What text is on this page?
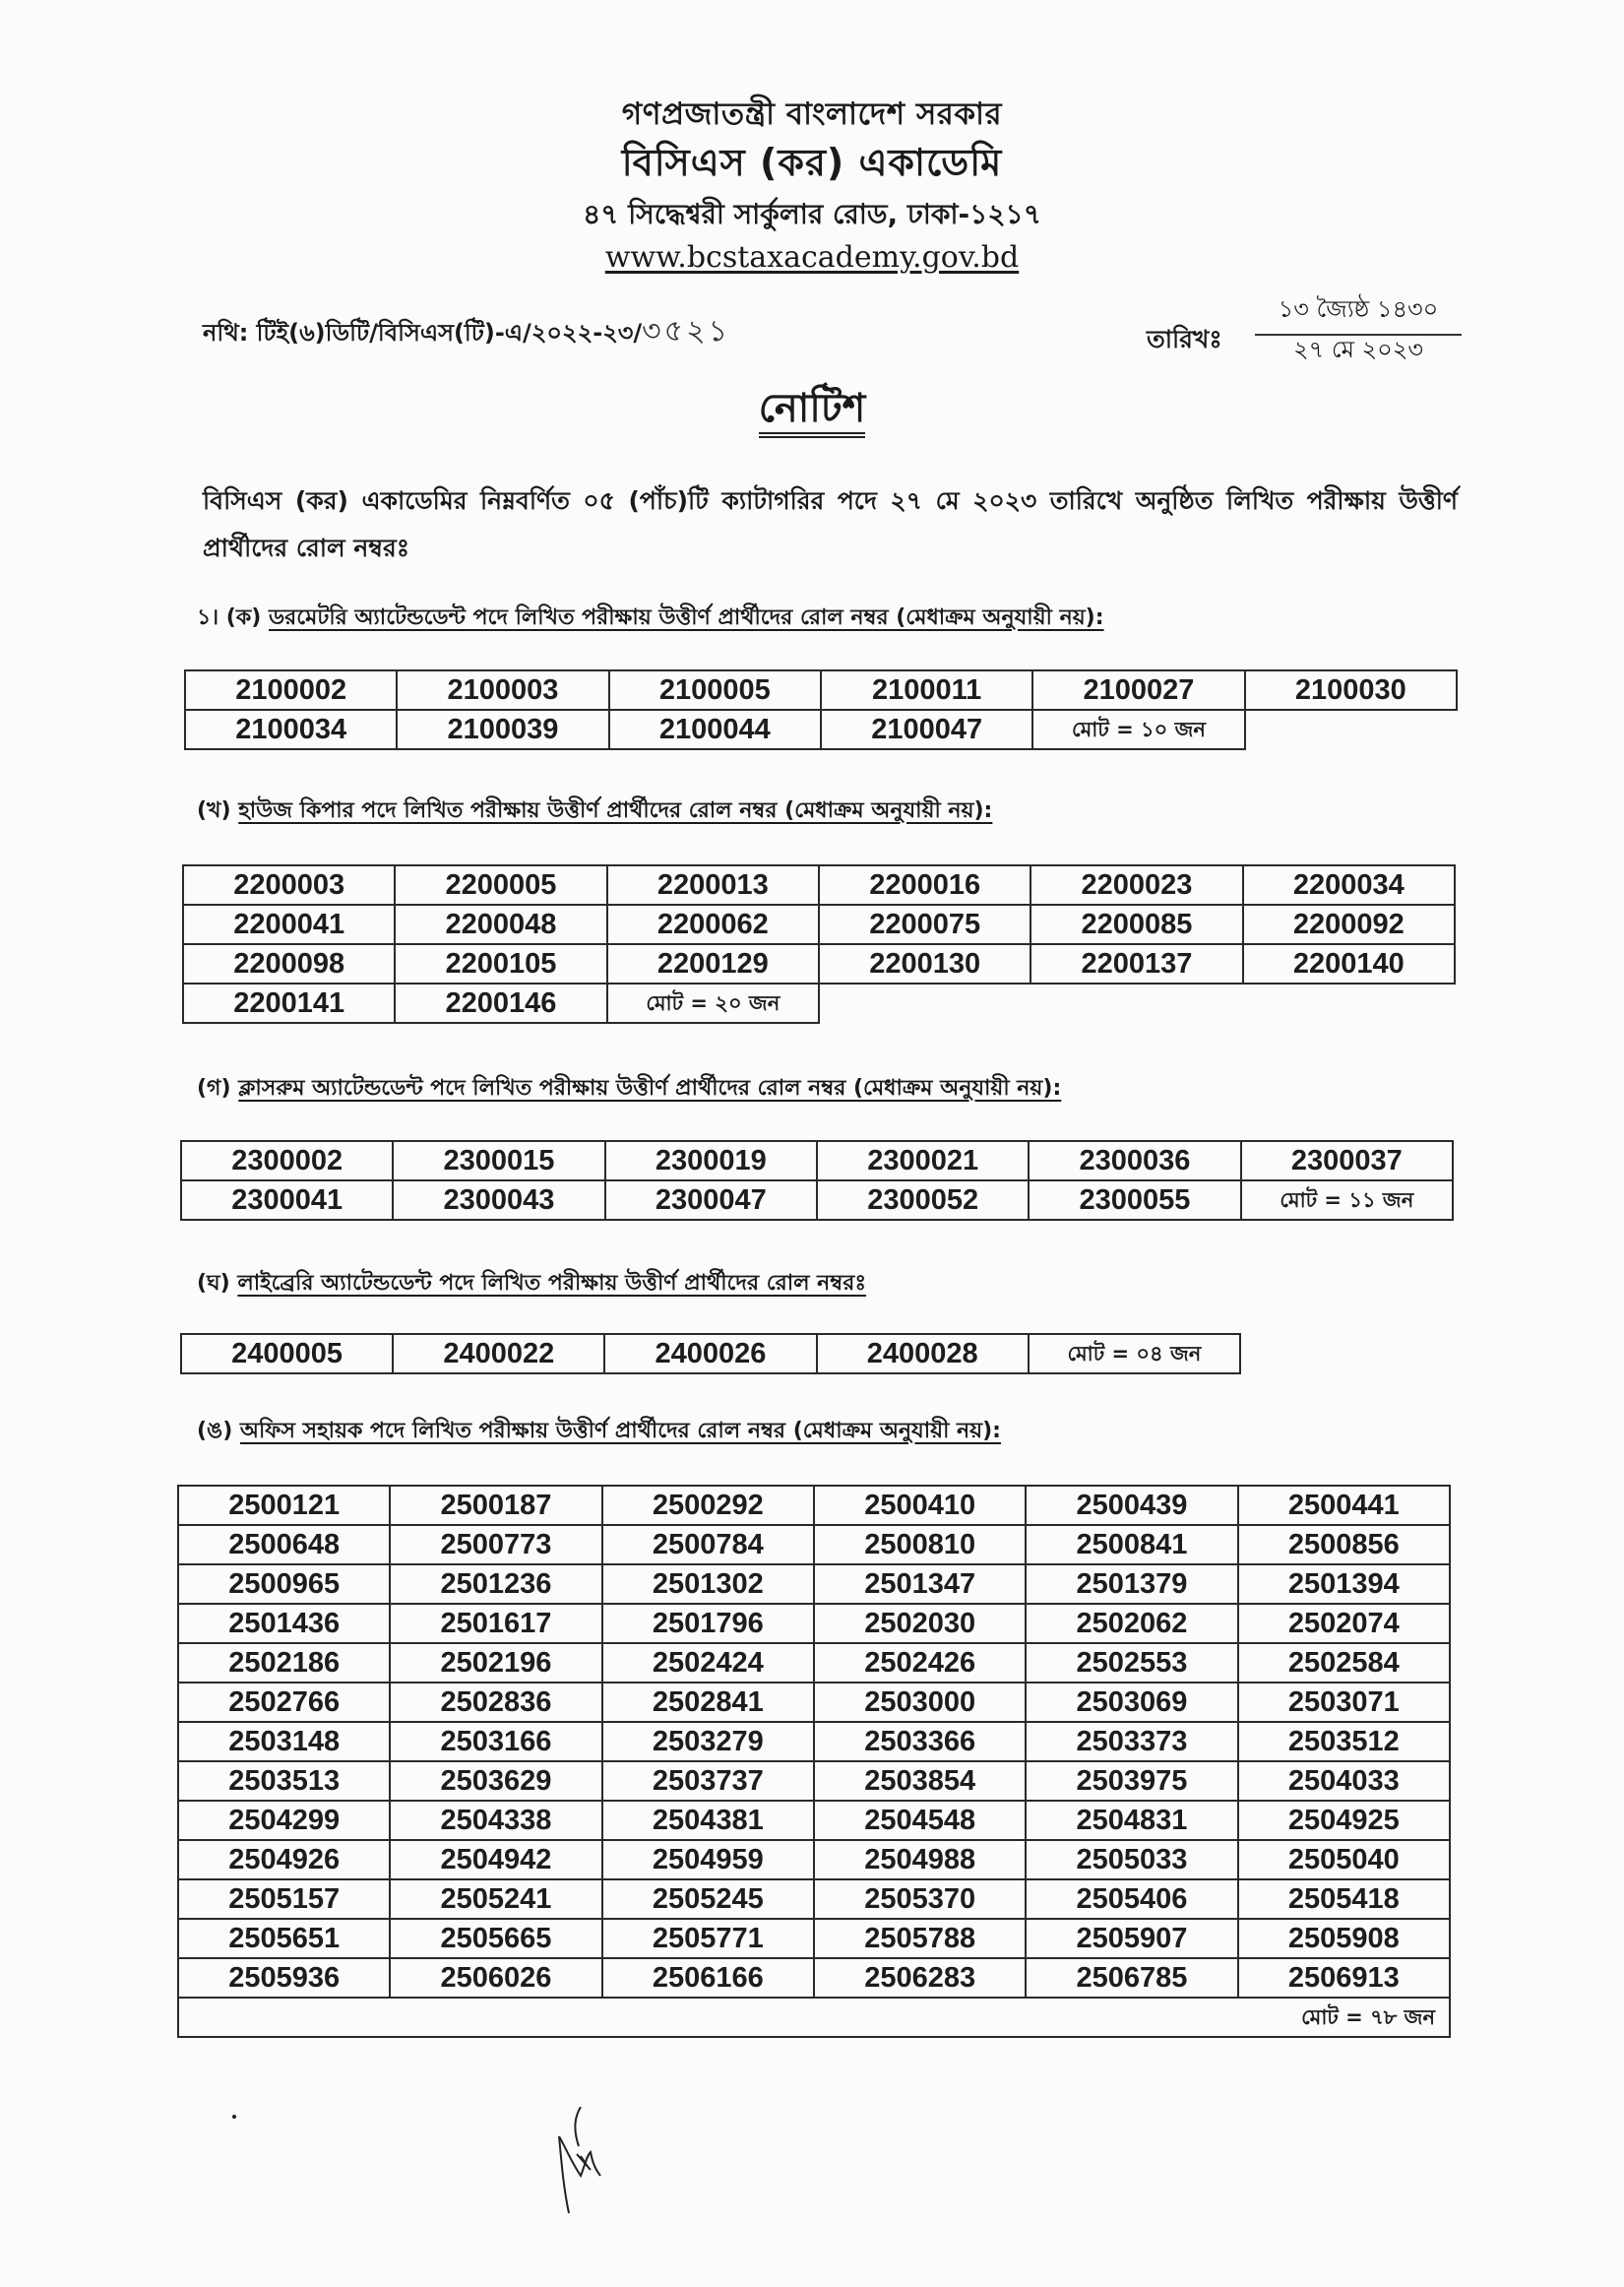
গণপ্রজাতন্ত্রী বাংলাদেশ সরকার
বিসিএস (কর) একাডেমি
৪৭ সিদ্ধেশ্বরী সার্কুলার রোড, ঢাকা-১২১৭
www.bcstaxacademy.gov.bd
নথি: টিই(৬)ডিটি/বিসিএস(টি)-এ/২০২২-২৩/৩৫২১	তারিখঃ
১৩ জ্যৈষ্ঠ ১৪৩০
২৭ মে ২০২৩
নোটিশ
বিসিএস (কর) একাডেমির নিম্নবর্ণিত ০৫ (পাঁচ)টি ক্যাটাগরির পদে ২৭ মে ২০২৩ তারিখে অনুষ্ঠিত লিখিত পরীক্ষায় উত্তীর্ণ প্রার্থীদের রোল নম্বরঃ
১। (ক) ডরমেটরি অ্যাটেন্ডডেন্ট পদে লিখিত পরীক্ষায় উত্তীর্ণ প্রার্থীদের রোল নম্বর (মেধাক্রম অনুযায়ী নয়):
2100002	2100003	2100005	2100011	2100027	2100030
2100034	2100039	2100044	2100047	মোট = ১০ জন	
(খ) হাউজ কিপার পদে লিখিত পরীক্ষায় উত্তীর্ণ প্রার্থীদের রোল নম্বর (মেধাক্রম অনুযায়ী নয়):
2200003	2200005	2200013	2200016	2200023	2200034
2200041	2200048	2200062	2200075	2200085	2200092
2200098	2200105	2200129	2200130	2200137	2200140
2200141	2200146	মোট = ২০ জন			
(গ) ক্লাসরুম অ্যাটেন্ডডেন্ট পদে লিখিত পরীক্ষায় উত্তীর্ণ প্রার্থীদের রোল নম্বর (মেধাক্রম অনুযায়ী নয়):
2300002	2300015	2300019	2300021	2300036	2300037
2300041	2300043	2300047	2300052	2300055	মোট = ১১ জন
(ঘ) লাইব্রেরি অ্যাটেন্ডডেন্ট পদে লিখিত পরীক্ষায় উত্তীর্ণ প্রার্থীদের রোল নম্বরঃ
2400005	2400022	2400026	2400028	মোট = ০৪ জন
(ঙ) অফিস সহায়ক পদে লিখিত পরীক্ষায় উত্তীর্ণ প্রার্থীদের রোল নম্বর (মেধাক্রম অনুযায়ী নয়):
2500121	2500187	2500292	2500410	2500439	2500441
2500648	2500773	2500784	2500810	2500841	2500856
2500965	2501236	2501302	2501347	2501379	2501394
2501436	2501617	2501796	2502030	2502062	2502074
2502186	2502196	2502424	2502426	2502553	2502584
2502766	2502836	2502841	2503000	2503069	2503071
2503148	2503166	2503279	2503366	2503373	2503512
2503513	2503629	2503737	2503854	2503975	2504033
2504299	2504338	2504381	2504548	2504831	2504925
2504926	2504942	2504959	2504988	2505033	2505040
2505157	2505241	2505245	2505370	2505406	2505418
2505651	2505665	2505771	2505788	2505907	2505908
2505936	2506026	2506166	2506283	2506785	2506913
মোট = ৭৮ জন					
